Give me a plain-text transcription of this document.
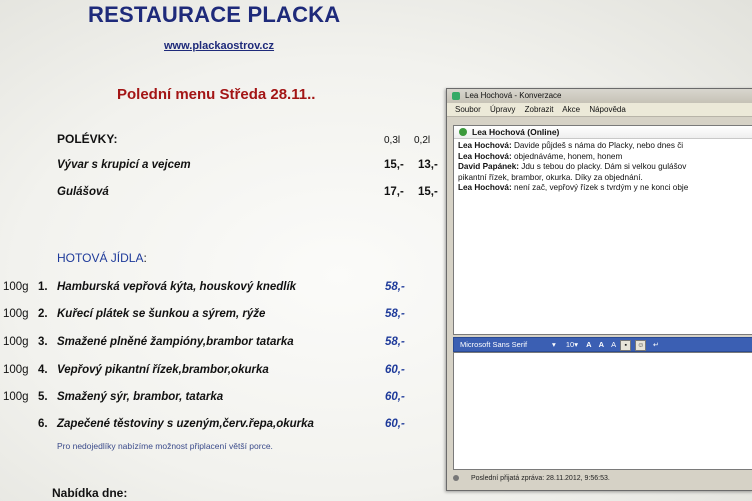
RESTAURACE PLACKA
www.plackaostrov.cz
Polední menu Středa 28.11..
POLÉVKY:	0,3l 0,2l
Vývar s krupicí a vejcem	15,- 13,-
Gulášová	17,- 15,-
HOTOVÁ JÍDLA:
100g 1. Hamburská vepřová kýta, houskový knedlík	58,-
100g 2. Kuřecí plátek se šunkou a sýrem, rýže	58,-
100g 3. Smažené plněné žampióny,brambor tatarka	58,-
100g 4. Vepřový pikantní řízek,brambor,okurka	60,-
100g 5. Smažený sýr, brambor, tatarka	60,-
6. Zapečené těstoviny s uzeným,červ.řepa,okurka	60,-
Pro nedojedlíky nabízíme možnost připlacení větší porce.
Nabídka dne:
Lea Hochová - Konverzace
Soubor Úpravy Zobrazit Akce Nápověda
Lea Hochová (Online)
Lea Hochová: Davide půjdeš s náma do Placky, nebo dnes či
Lea Hochová: objednáváme, honem, honem
David Papánek: Jdu s tebou do placky. Dám si velkou gulášov
pikantní řízek, brambor, okurka. Díky za objednání.
Lea Hochová: není zač, vepřový řízek s tvrdým y ne konci obje
Microsoft Sans Serif	▾ 10▾ A A A ▪ ☺ ↵
Poslední přijatá zpráva: 28.11.2012, 9:56:53.
